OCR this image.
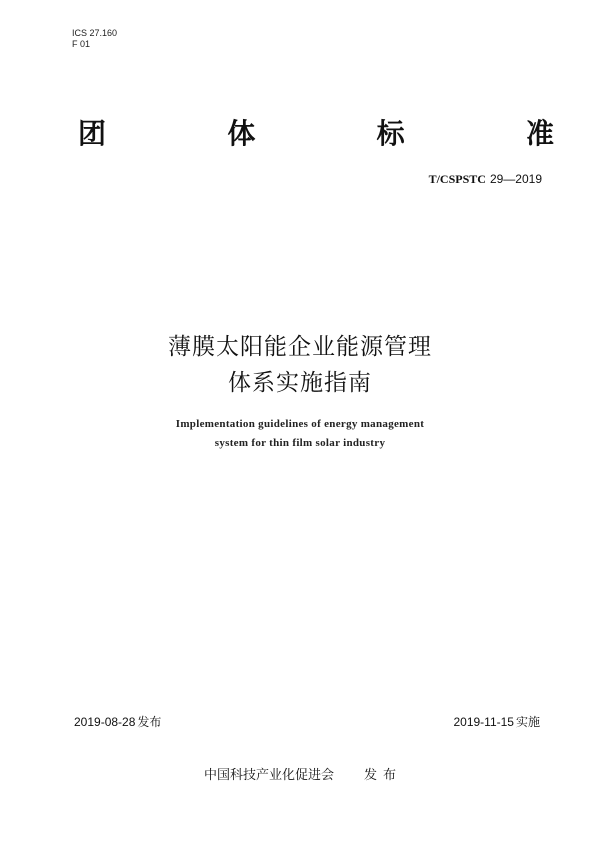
ICS 27.160
F 01
团	体	标	准
T/CSPSTC 29—2019
薄膜太阳能企业能源管理
体系实施指南
Implementation guidelines of energy management
system for thin film solar industry
2019-08-28 发布	2019-11-15 实施
中国科技产业化促进会 发布
